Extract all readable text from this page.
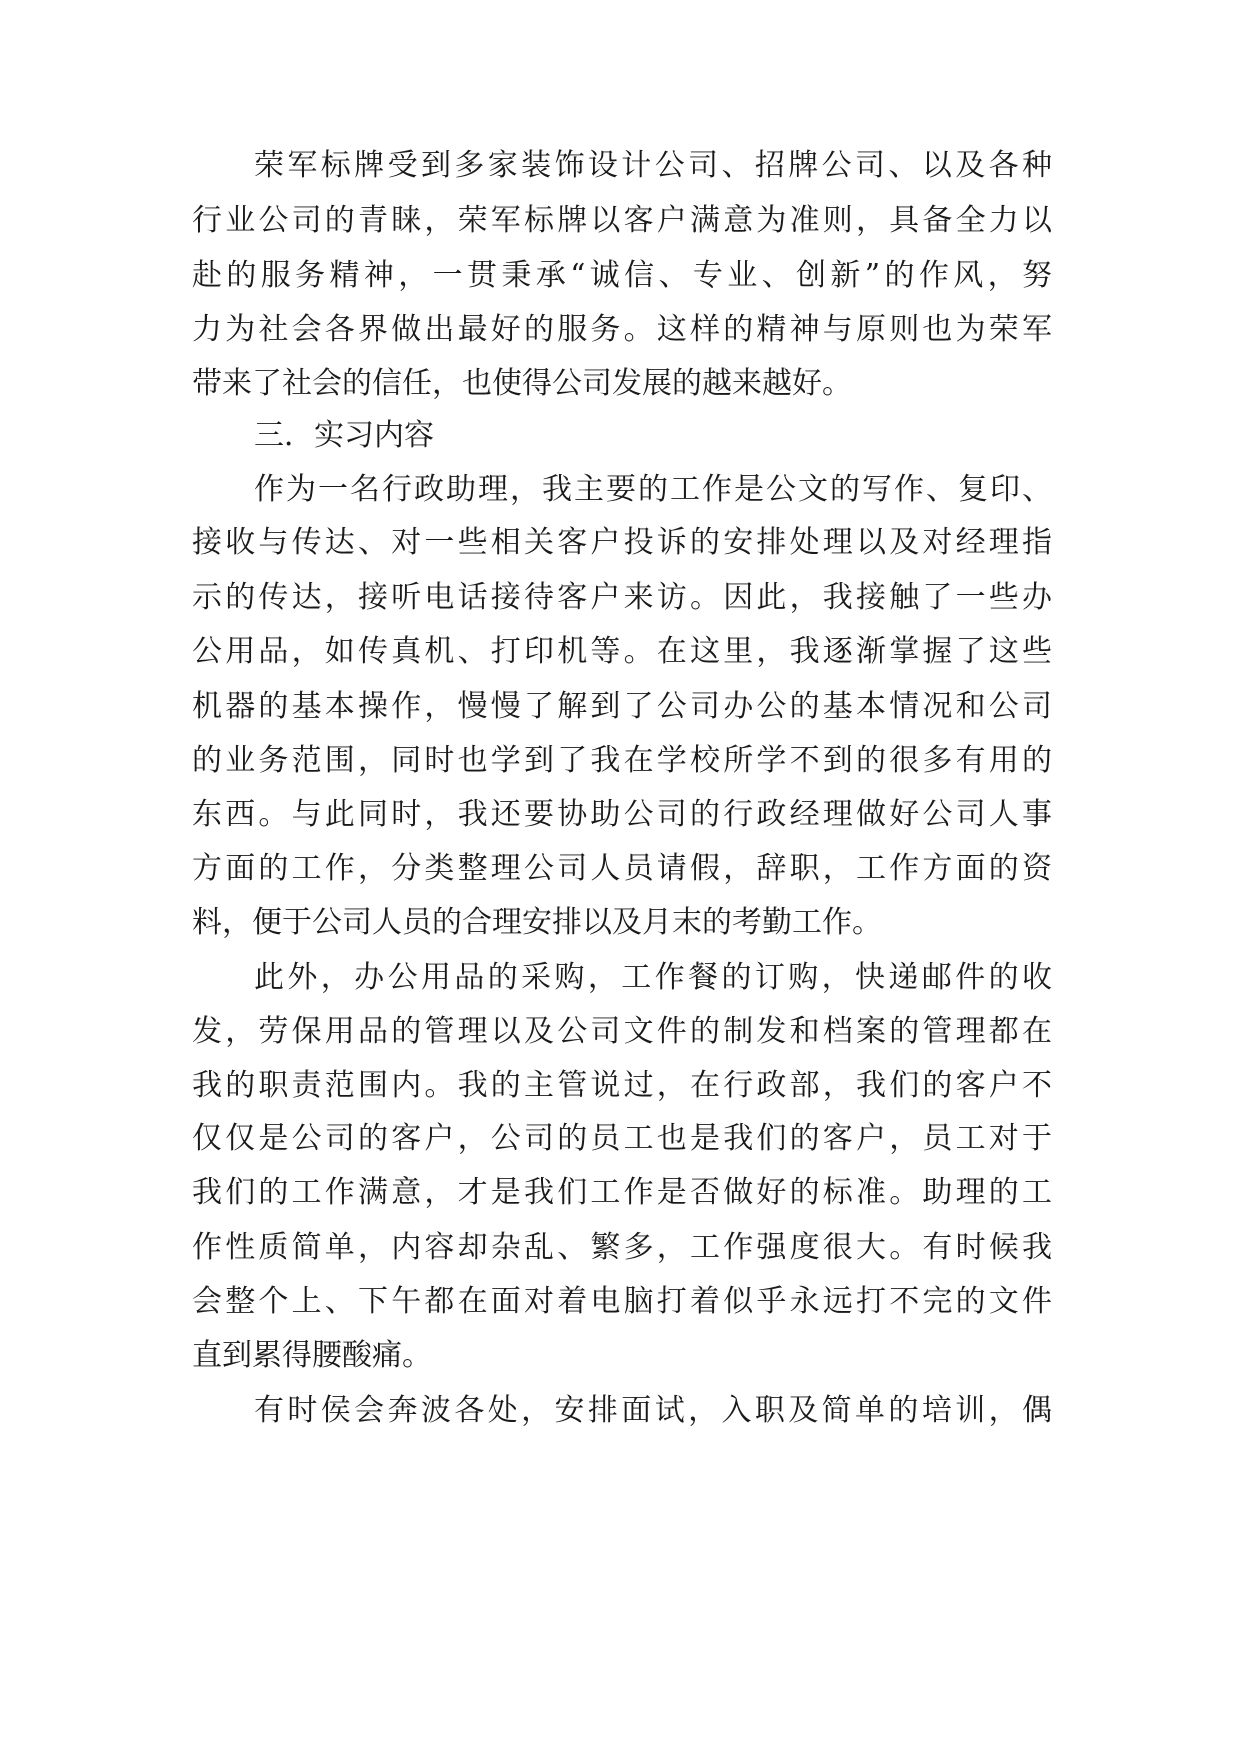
荣军标牌受到多家装饰设计公司、招牌公司、以及各种
行业公司的青睐，荣军标牌以客户满意为准则，具备全力以
赴的服务精神，一贯秉承“诚信、专业、创新”的作风，努
力为社会各界做出最好的服务。这样的精神与原则也为荣军
带来了社会的信任，也使得公司发展的越来越好。
三．实习内容
作为一名行政助理，我主要的工作是公文的写作、复印、
接收与传达、对一些相关客户投诉的安排处理以及对经理指
示的传达，接听电话接待客户来访。因此，我接触了一些办
公用品，如传真机、打印机等。在这里，我逐渐掌握了这些
机器的基本操作，慢慢了解到了公司办公的基本情况和公司
的业务范围，同时也学到了我在学校所学不到的很多有用的
东西。与此同时，我还要协助公司的行政经理做好公司人事
方面的工作，分类整理公司人员请假，辞职，工作方面的资
料，便于公司人员的合理安排以及月末的考勤工作。
此外，办公用品的采购，工作餐的订购，快递邮件的收
发，劳保用品的管理以及公司文件的制发和档案的管理都在
我的职责范围内。我的主管说过，在行政部，我们的客户不
仅仅是公司的客户，公司的员工也是我们的客户，员工对于
我们的工作满意，才是我们工作是否做好的标准。助理的工
作性质简单，内容却杂乱、繁多，工作强度很大。有时候我
会整个上、下午都在面对着电脑打着似乎永远打不完的文件
直到累得腰酸痛。
有时侯会奔波各处，安排面试，入职及简单的培训，偶
